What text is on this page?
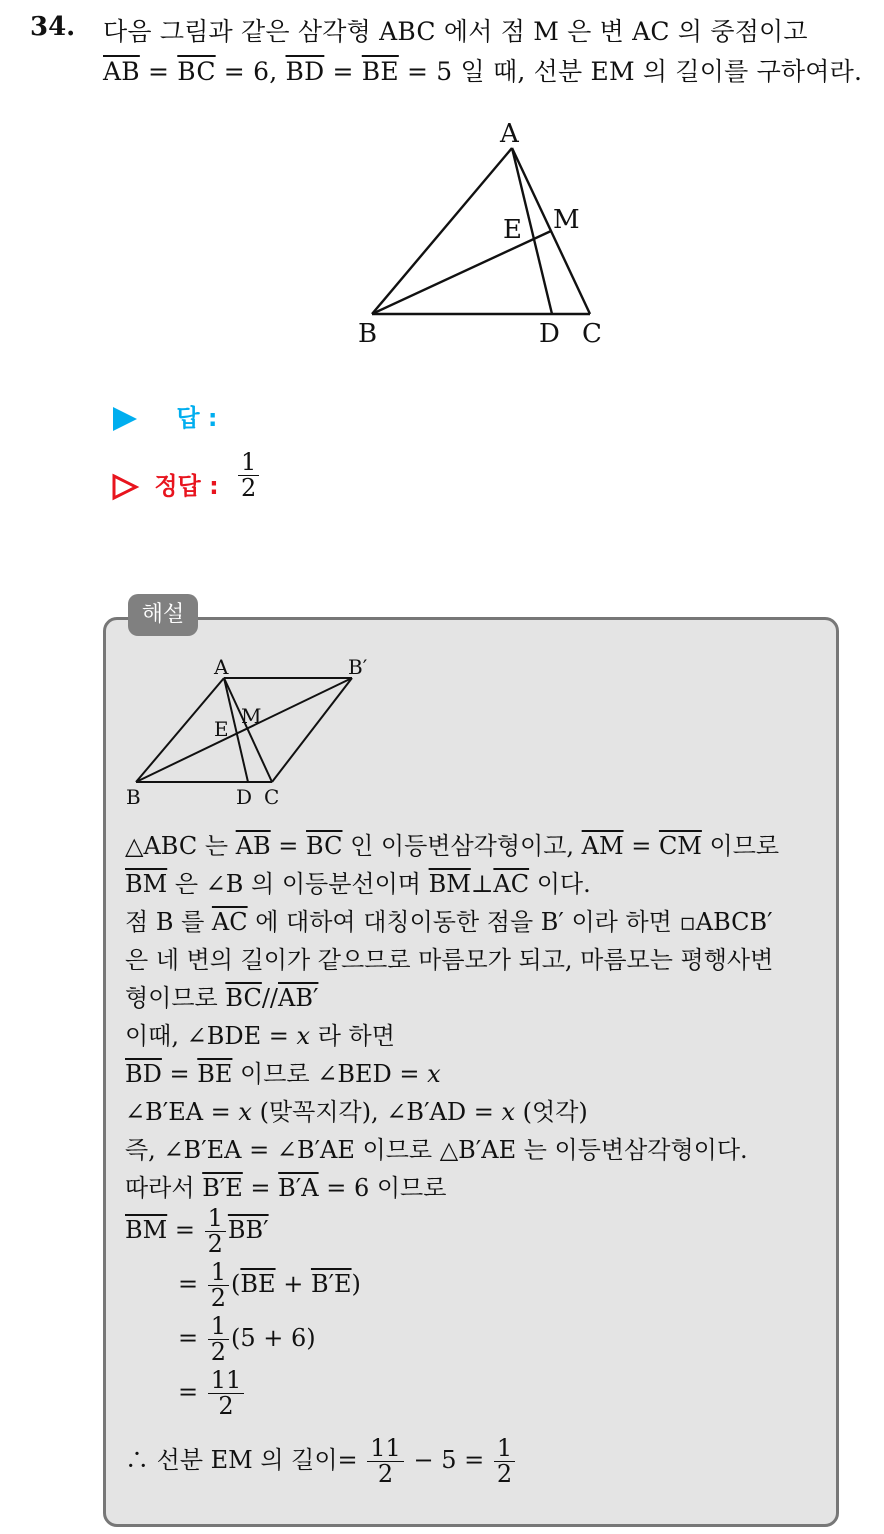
34. 다음 그림과 같은 삼각형 ABC 에서 점 M 은 변 AC 의 중점이고
$\overline{AB} = \overline{BC} = 6$, $\overline{BD} = \overline{BE} = 5$ 일 때, 선분 EM 의 길이를 구하여라.
A
M
E
B	D C
답 :
정답 : $\frac{1}{2}$
해설
A	B′
M
E
B	D C
△ABC 는 $\overline{AB} = \overline{BC}$ 인 이등변삼각형이고, $\overline{AM} = \overline{CM}$ 이므로
$\overline{BM}$ 은 ∠B 의 이등분선이며 $\overline{BM}\perp\overline{AC}$ 이다.
점 B 를 $\overline{AC}$ 에 대하여 대칭이동한 점을 B′ 이라 하면 ▫ABCB′
은 네 변의 길이가 같으므로 마름모가 되고, 마름모는 평행사변
형이므로 $\overline{BC}//AB'$
이때, ∠BDE = x 라 하면
$\overline{BD} = \overline{BE}$ 이므로 ∠BED = x
∠B′EA = x (맞꼭지각), ∠B′AD = x (엇각)
즉, ∠B′EA = ∠B′AE 이므로 △B′AE 는 이등변삼각형이다.
따라서 B′E = B′A = 6 이므로
$\overline{BM} = \frac{1}{2} BB'$
= $\frac{1}{2} (\overline{BE} + B'E)$
= $\frac{1}{2} (5 + 6)$
= $\frac{11}{2}$
∴ 선분 EM 의 길이= $\frac{11}{2} - 5 = \frac{1}{2}$
